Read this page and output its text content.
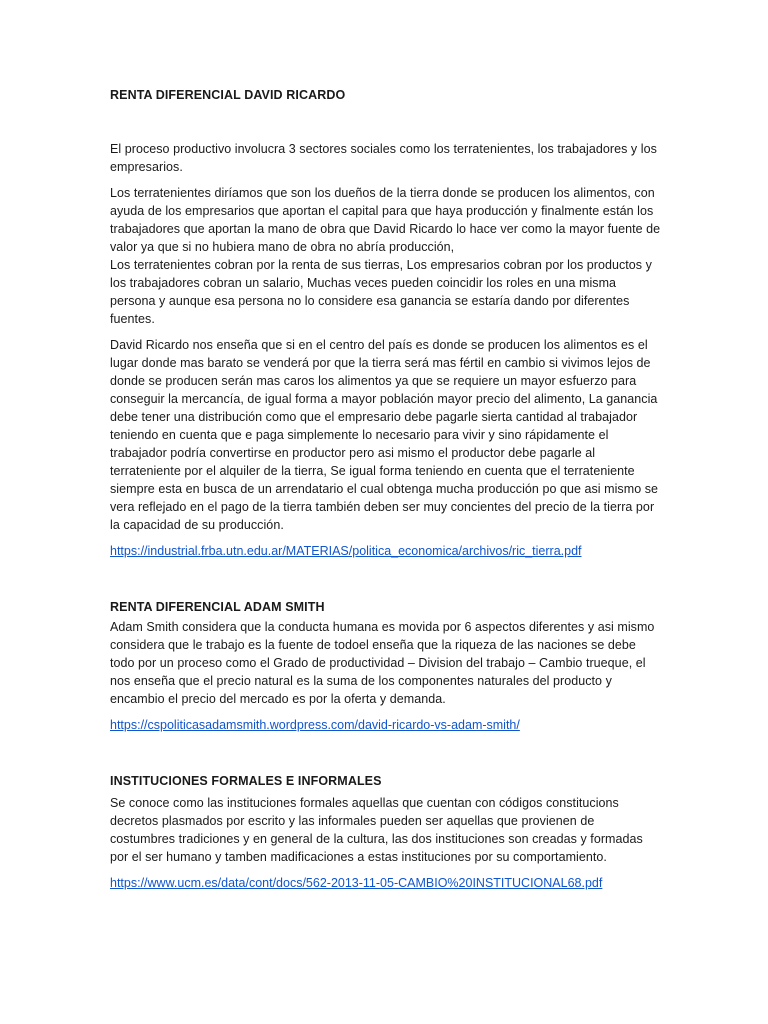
RENTA DIFERENCIAL DAVID RICARDO

El proceso productivo involucra 3 sectores sociales como los terratenientes, los trabajadores y los empresarios.

Los terratenientes diríamos que son los dueños de la tierra donde se producen los alimentos, con ayuda de los empresarios que aportan el capital para que haya producción y finalmente están los trabajadores que aportan la mano de obra que David Ricardo lo hace ver como la mayor fuente de valor ya que si no hubiera mano de obra no abría producción,

Los terratenientes cobran por la renta de sus tierras, Los empresarios cobran por los productos y los trabajadores cobran un salario, Muchas veces pueden coincidir los roles en una misma persona y aunque esa persona no lo considere esa ganancia se estaría dando por diferentes fuentes.

David Ricardo nos enseña que si en el centro del país es donde se producen los alimentos es el lugar donde mas barato se venderá por que la tierra será mas fértil en cambio si vivimos lejos de donde se producen serán mas caros los alimentos ya que se requiere un mayor esfuerzo para conseguir la mercancía, de igual forma a mayor población mayor precio del alimento, La ganancia debe tener una distribución como que el empresario debe pagarle sierta cantidad al trabajador teniendo en cuenta que e paga simplemente lo necesario para vivir y sino rápidamente el trabajador podría convertirse en productor pero asi mismo el productor debe pagarle al terrateniente por el alquiler de la tierra, Se igual forma teniendo en cuenta que el terrateniente siempre esta en busca de un arrendatario el cual obtenga mucha producción po que asi mismo se vera reflejado en el pago de la tierra también deben ser muy concientes del precio de la tierra por la capacidad de su producción.

https://industrial.frba.utn.edu.ar/MATERIAS/politica_economica/archivos/ric_tierra.pdf
RENTA DIFERENCIAL ADAM SMITH

Adam Smith considera que la conducta humana es movida por 6 aspectos diferentes y asi mismo considera que le trabajo es la fuente de todoel enseña que la riqueza de las naciones se debe todo por un proceso como el Grado de productividad – Division del trabajo – Cambio trueque, el nos enseña que el precio natural es la suma de los componentes naturales del producto y encambio el precio del mercado es por la oferta y demanda.

https://cspoliticasadamsmith.wordpress.com/david-ricardo-vs-adam-smith/
INSTITUCIONES FORMALES E INFORMALES

Se conoce como las instituciones formales aquellas que cuentan con códigos constitucions decretos plasmados por escrito y las informales pueden ser aquellas que provienen de costumbres tradiciones y en general de la cultura, las dos instituciones son creadas y formadas por el ser humano y tamben madificaciones a estas instituciones por su comportamiento.

https://www.ucm.es/data/cont/docs/562-2013-11-05-CAMBIO%20INSTITUCIONAL68.pdf
